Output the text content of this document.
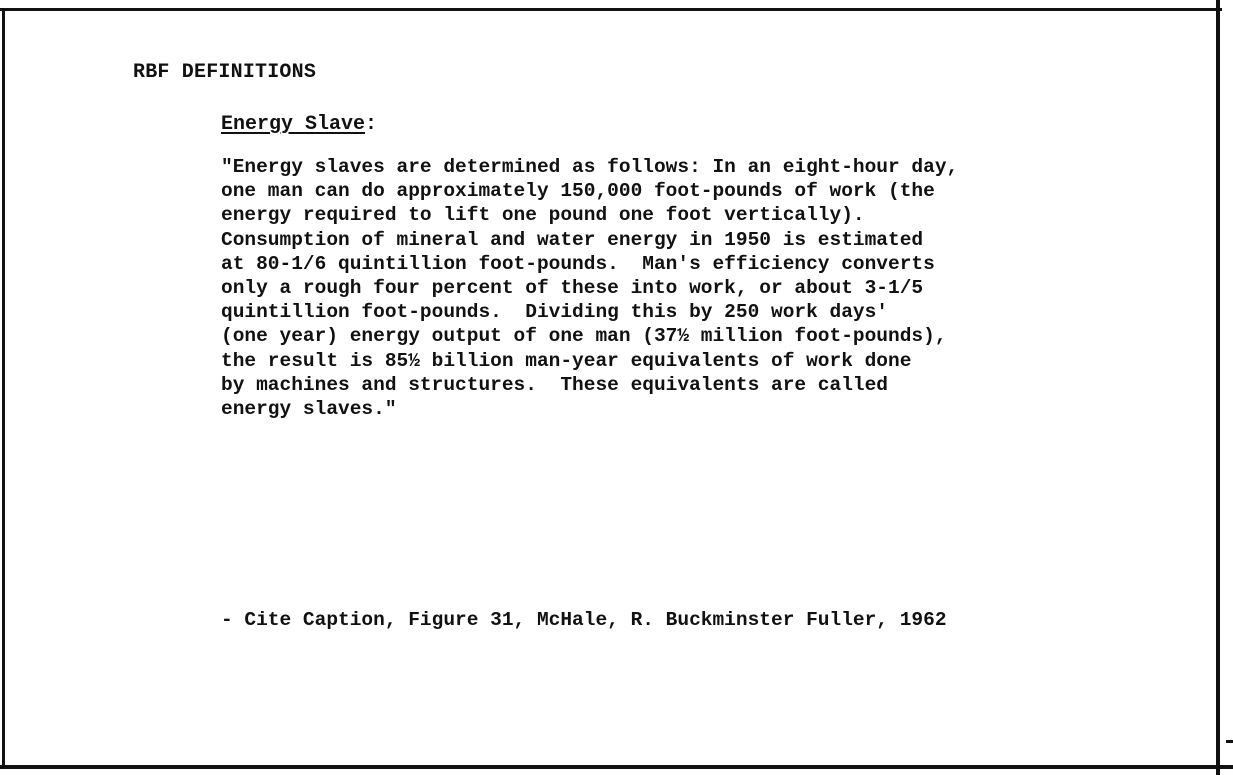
RBF DEFINITIONS
Energy Slave:
"Energy slaves are determined as follows: In an eight-hour day,
one man can do approximately 150,000 foot-pounds of work (the
energy required to lift one pound one foot vertically).
Consumption of mineral and water energy in 1950 is estimated
at 80-1/6 quintillion foot-pounds.  Man's efficiency converts
only a rough four percent of these into work, or about 3-1/5
quintillion foot-pounds.  Dividing this by 250 work days'
(one year) energy output of one man (37½ million foot-pounds),
the result is 85½ billion man-year equivalents of work done
by machines and structures.  These equivalents are called
energy slaves."
- Cite Caption, Figure 31, McHale, R. Buckminster Fuller, 1962
